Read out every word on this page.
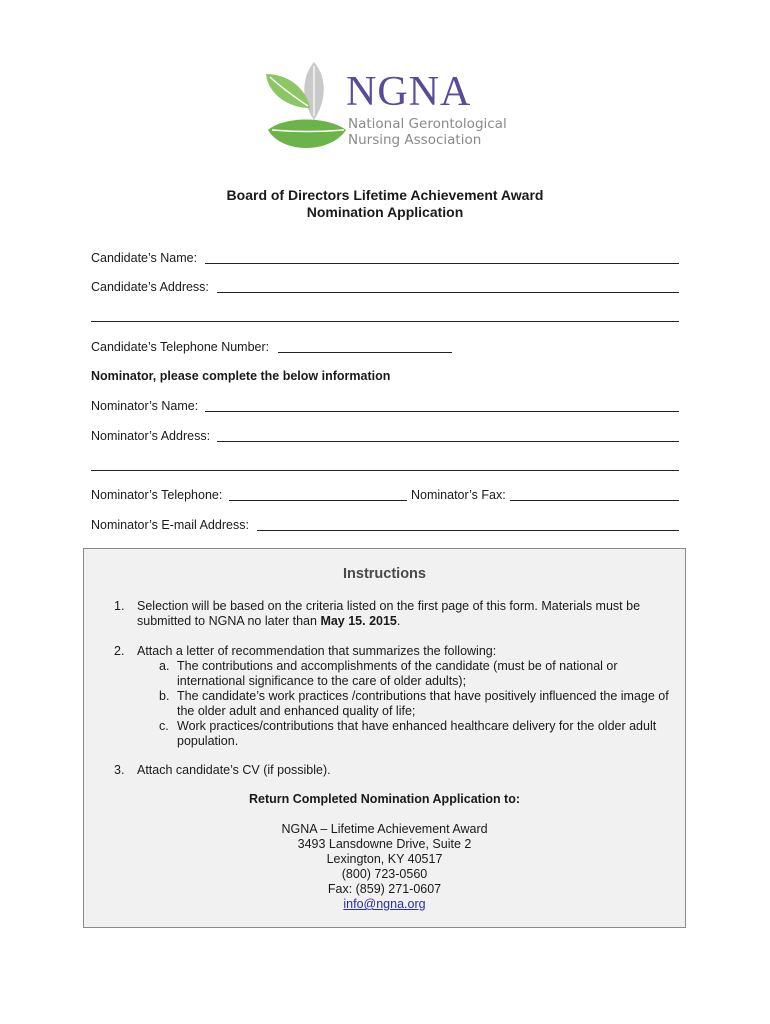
NGNA
National Gerontological
Nursing Association
Board of Directors Lifetime Achievement Award
Nomination Application
Candidate’s Name:
Candidate’s Address:
Candidate’s Telephone Number:
Nominator, please complete the below information
Nominator’s Name:
Nominator’s Address:
Nominator’s Telephone:	Nominator’s Fax:
Nominator’s E-mail Address:
Instructions
1. Selection will be based on the criteria listed on the first page of this form. Materials must be
submitted to NGNA no later than May 15. 2015.
2. Attach a letter of recommendation that summarizes the following:
a. The contributions and accomplishments of the candidate (must be of national or
international significance to the care of older adults);
b. The candidate’s work practices /contributions that have positively influenced the image of
the older adult and enhanced quality of life;
c. Work practices/contributions that have enhanced healthcare delivery for the older adult
population.
3. Attach candidate’s CV (if possible).
Return Completed Nomination Application to:
NGNA – Lifetime Achievement Award
3493 Lansdowne Drive, Suite 2
Lexington, KY 40517
(800) 723-0560
Fax: (859) 271-0607
info@ngna.org
